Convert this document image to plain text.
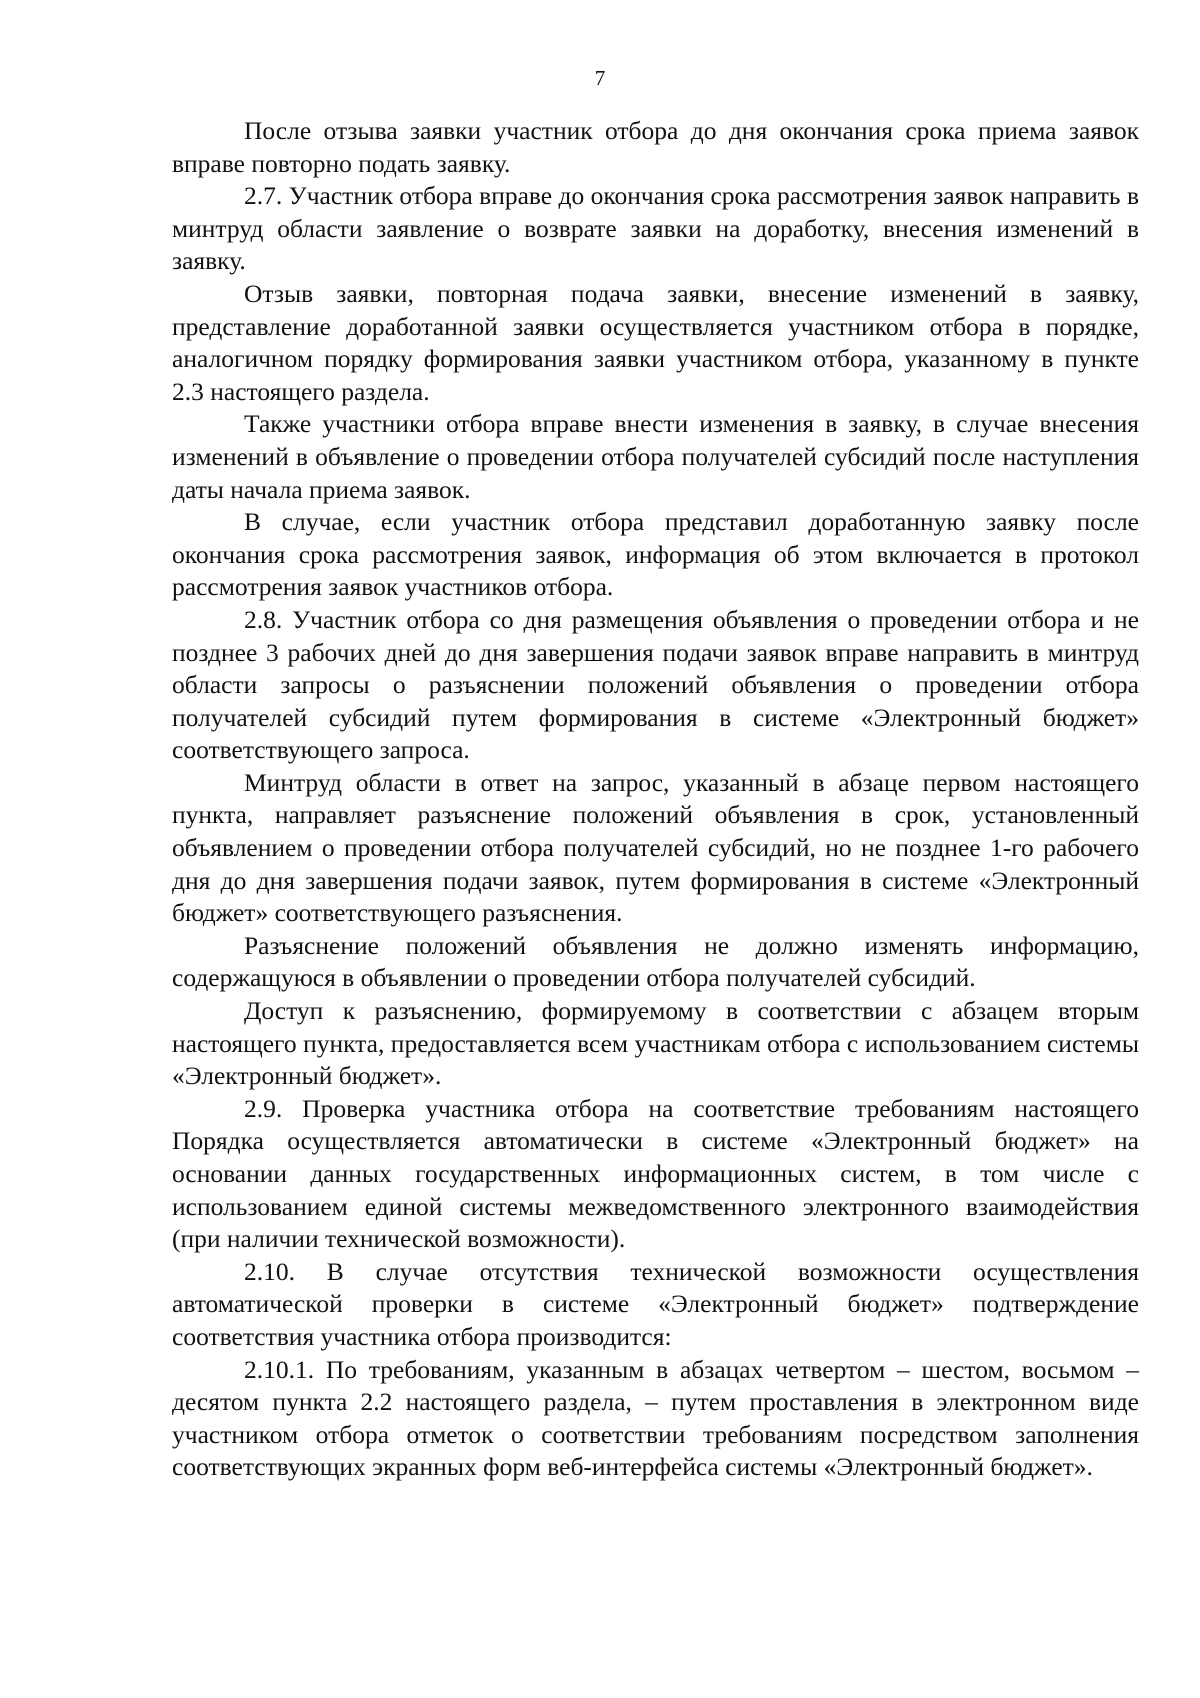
7

После отзыва заявки участник отбора до дня окончания срока приема заявок вправе повторно подать заявку.

2.7. Участник отбора вправе до окончания срока рассмотрения заявок направить в минтруд области заявление о возврате заявки на доработку, внесения изменений в заявку.

Отзыв заявки, повторная подача заявки, внесение изменений в заявку, представление доработанной заявки осуществляется участником отбора в порядке, аналогичном порядку формирования заявки участником отбора, указанному в пункте 2.3 настоящего раздела.

Также участники отбора вправе внести изменения в заявку, в случае внесения изменений в объявление о проведении отбора получателей субсидий после наступления даты начала приема заявок.

В случае, если участник отбора представил доработанную заявку после окончания срока рассмотрения заявок, информация об этом включается в протокол рассмотрения заявок участников отбора.

2.8. Участник отбора со дня размещения объявления о проведении отбора и не позднее 3 рабочих дней до дня завершения подачи заявок вправе направить в минтруд области запросы о разъяснении положений объявления о проведении отбора получателей субсидий путем формирования в системе «Электронный бюджет» соответствующего запроса.

Минтруд области в ответ на запрос, указанный в абзаце первом настоящего пункта, направляет разъяснение положений объявления в срок, установленный объявлением о проведении отбора получателей субсидий, но не позднее 1-го рабочего дня до дня завершения подачи заявок, путем формирования в системе «Электронный бюджет» соответствующего разъяснения.

Разъяснение положений объявления не должно изменять информацию, содержащуюся в объявлении о проведении отбора получателей субсидий.

Доступ к разъяснению, формируемому в соответствии с абзацем вторым настоящего пункта, предоставляется всем участникам отбора с использованием системы «Электронный бюджет».

2.9. Проверка участника отбора на соответствие требованиям настоящего Порядка осуществляется автоматически в системе «Электронный бюджет» на основании данных государственных информационных систем, в том числе с использованием единой системы межведомственного электронного взаимодействия (при наличии технической возможности).

2.10. В случае отсутствия технической возможности осуществления автоматической проверки в системе «Электронный бюджет» подтверждение соответствия участника отбора производится:

2.10.1. По требованиям, указанным в абзацах четвертом – шестом, восьмом – десятом пункта 2.2 настоящего раздела, – путем проставления в электронном виде участником отбора отметок о соответствии требованиям посредством заполнения соответствующих экранных форм веб-интерфейса системы «Электронный бюджет».
